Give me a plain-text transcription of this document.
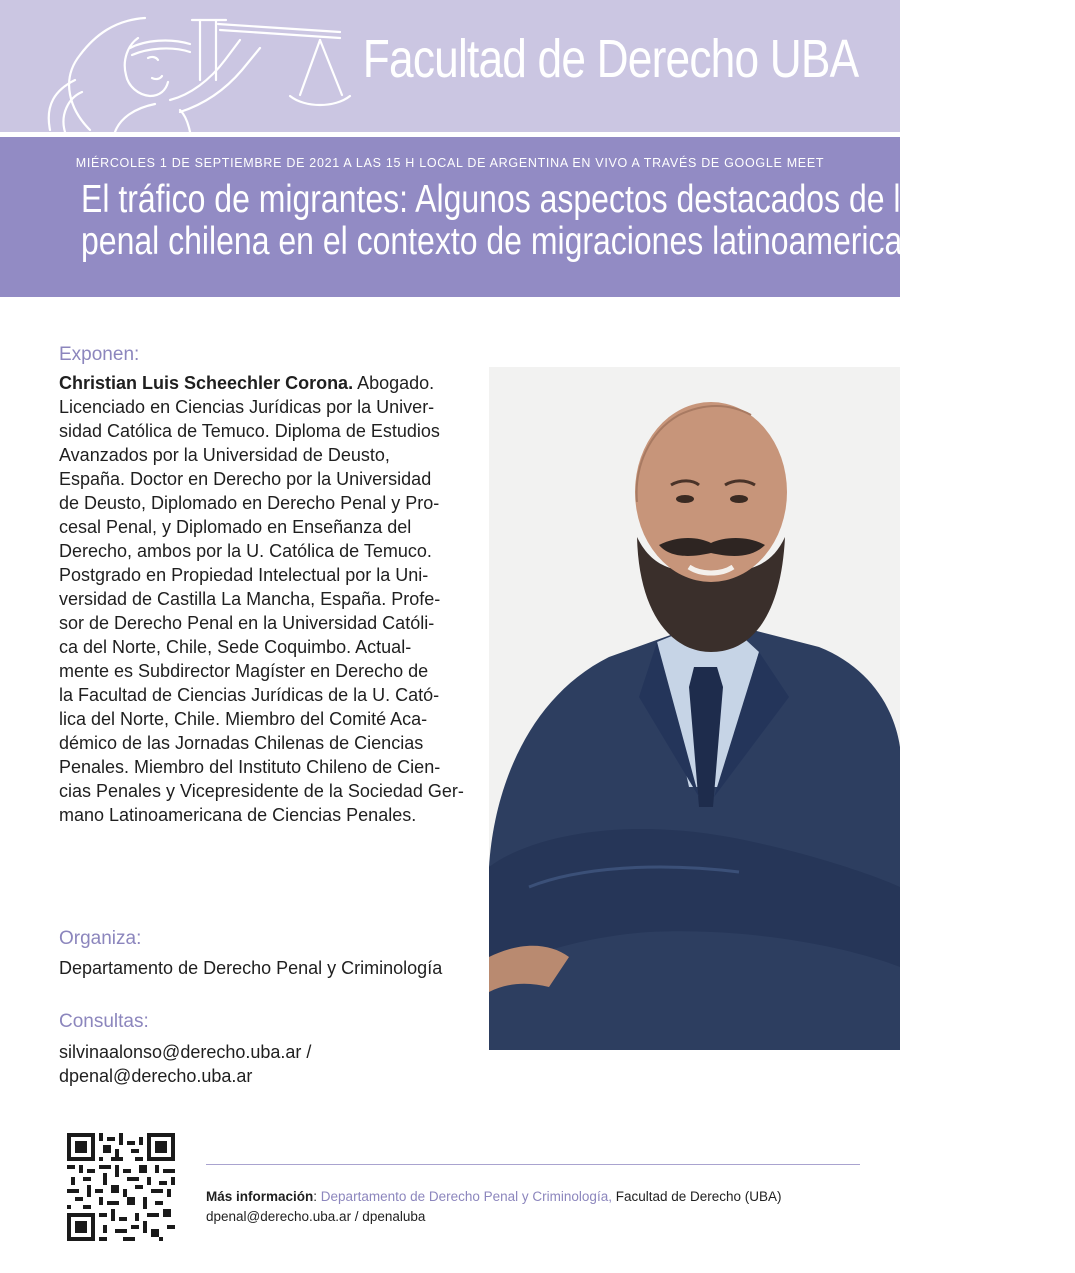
Facultad de Derecho UBA
MIÉRCOLES 1 DE SEPTIEMBRE DE 2021 A LAS 15 H LOCAL DE ARGENTINA EN VIVO A TRAVÉS DE GOOGLE MEET
El tráfico de migrantes: Algunos aspectos destacados de la regulación
penal chilena en el contexto de migraciones latinoamericano
Exponen:

Christian Luis Scheechler Corona. Abogado.

Licenciado en Ciencias Jurídicas por la Univer-

sidad Católica de Temuco. Diploma de Estudios

Avanzados por la Universidad de Deusto,

España. Doctor en Derecho por la Universidad

de Deusto, Diplomado en Derecho Penal y Pro-

cesal Penal, y Diplomado en Enseñanza del

Derecho, ambos por la U. Católica de Temuco.

Postgrado en Propiedad Intelectual por la Uni-

versidad de Castilla La Mancha, España. Profe-

sor de Derecho Penal en la Universidad Católi-

ca del Norte, Chile, Sede Coquimbo. Actual-

mente es Subdirector Magíster en Derecho de

la Facultad de Ciencias Jurídicas de la U. Cató-

lica del Norte, Chile. Miembro del Comité Aca-

démico de las Jornadas Chilenas de Ciencias

Penales. Miembro del Instituto Chileno de Cien-

cias Penales y Vicepresidente de la Sociedad Ger-

mano Latinoamericana de Ciencias Penales.

Organiza:
Departamento de Derecho Penal y Criminología
Consultas:

silvinaalonso@derecho.uba.ar /

dpenal@derecho.uba.ar

Más información: Departamento de Derecho Penal y Criminología, Facultad de Derecho (UBA)
dpenal@derecho.uba.ar / dpenaluba
